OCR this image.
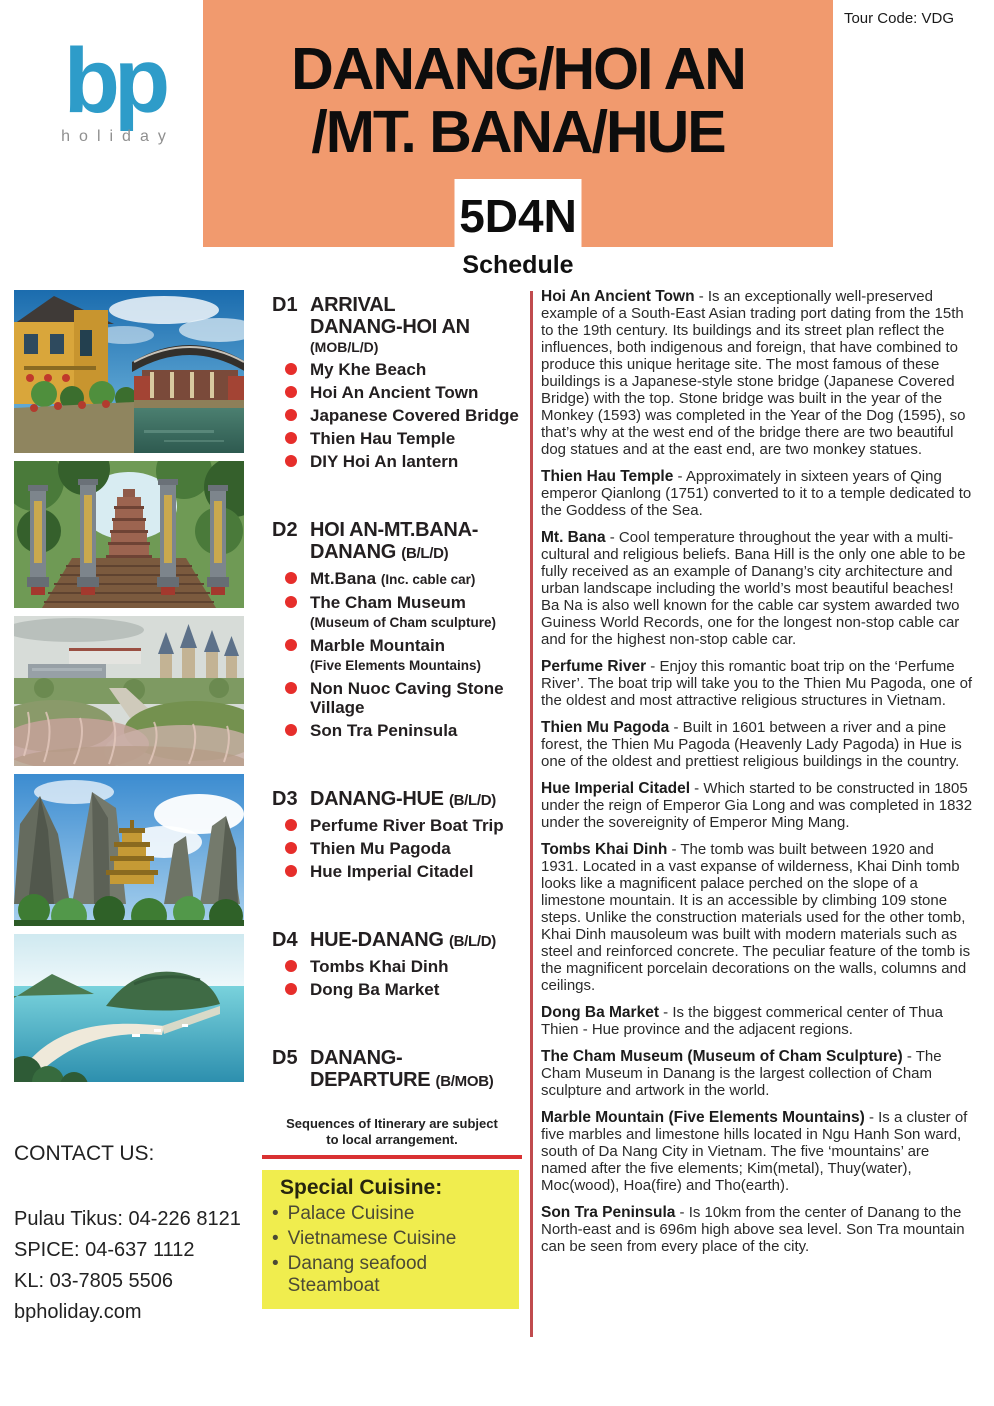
Tour Code: VDG
bp
holiday
DANANG/HOI AN
/MT. BANA/HUE
5D4N
Schedule
D1 ARRIVAL
DANANG-HOI AN
(MOB/L/D)
My Khe Beach
Hoi An Ancient Town
Japanese Covered Bridge
Thien Hau Temple
DIY Hoi An lantern
D2 HOI AN-MT.BANA-
DANANG (B/L/D)
Mt.Bana (Inc. cable car)
The Cham Museum
(Museum of Cham sculpture)
Marble Mountain
(Five Elements Mountains)
Non Nuoc Caving Stone Village
Son Tra Peninsula
D3 DANANG-HUE (B/L/D)
Perfume River Boat Trip
Thien Mu Pagoda
Hue Imperial Citadel
D4 HUE-DANANG (B/L/D)
Tombs Khai Dinh
Dong Ba Market
D5 DANANG-
DEPARTURE (B/MOB)

Hoi An Ancient Town - Is an exceptionally well-preserved example of a South-East Asian trading port dating from the 15th to the 19th century. Its buildings and its street plan reflect the influences, both indigenous and foreign, that have combined to produce this unique heritage site. The most famous of these buildings is a Japanese-style stone bridge (Japanese Covered Bridge) with the top. Stone bridge was built in the year of the Monkey (1593) was completed in the Year of the Dog (1595), so that’s why at the west end of the bridge there are two beautiful dog statues and at the east end, are two monkey statues.

Thien Hau Temple - Approximately in sixteen years of Qing emperor Qianlong (1751) converted to it to a temple dedicated to the Goddess of the Sea.

Mt. Bana - Cool temperature throughout the year with a multi-cultural and religious beliefs. Bana Hill is the only one able to be fully received as an example of Danang’s city architecture and urban landscape including the world’s most beautiful beaches! Ba Na is also well known for the cable car system awarded two Guiness World Records, one for the longest non-stop cable car and for the highest non-stop cable car.

Perfume River - Enjoy this romantic boat trip on the ‘Perfume River’. The boat trip will take you to the Thien Mu Pagoda, one of the oldest and most attractive religious structures in Vietnam.

Thien Mu Pagoda - Built in 1601 between a river and a pine forest, the Thien Mu Pagoda (Heavenly Lady Pagoda) in Hue is one of the oldest and prettiest religious buildings in the country.

Hue Imperial Citadel - Which started to be constructed in 1805 under the reign of Emperor Gia Long and was completed in 1832 under the sovereignity of Emperor Ming Mang.

Tombs Khai Dinh - The tomb was built between 1920 and 1931. Located in a vast expanse of wilderness, Khai Dinh tomb looks like a magnificent palace perched on the slope of a limestone mountain. It is an accessible by climbing 109 stone steps. Unlike the construction materials used for the other tomb, Khai Dinh mausoleum was built with modern materials such as steel and reinforced concrete. The peculiar feature of the tomb is the magnificent porcelain decorations on the walls, columns and ceilings.

Dong Ba Market - Is the biggest commerical center of Thua Thien - Hue province and the adjacent regions.

The Cham Museum (Museum of Cham Sculpture) - The Cham Museum in Danang is the largest collection of Cham sculpture and artwork in the world.

Marble Mountain (Five Elements Mountains) - Is a cluster of five marbles and limestone hills located in Ngu Hanh Son ward, south of Da Nang City in Vietnam. The five ‘mountains’ are named after the five elements; Kim(metal), Thuy(water), Moc(wood), Hoa(fire) and Tho(earth).

Son Tra Peninsula - Is 10km from the center of Danang to the North-east and is 696m high above sea level. Son Tra mountain can be seen from every place of the city.

Sequences of Itinerary are subject
to local arrangement.
Special Cuisine:
• Palace Cuisine
• Vietnamese Cuisine
• Danang seafood Steamboat
CONTACT US:
Pulau Tikus: 04-226 8121
SPICE: 04-637 1112
KL: 03-7805 5506
bpholiday.com
